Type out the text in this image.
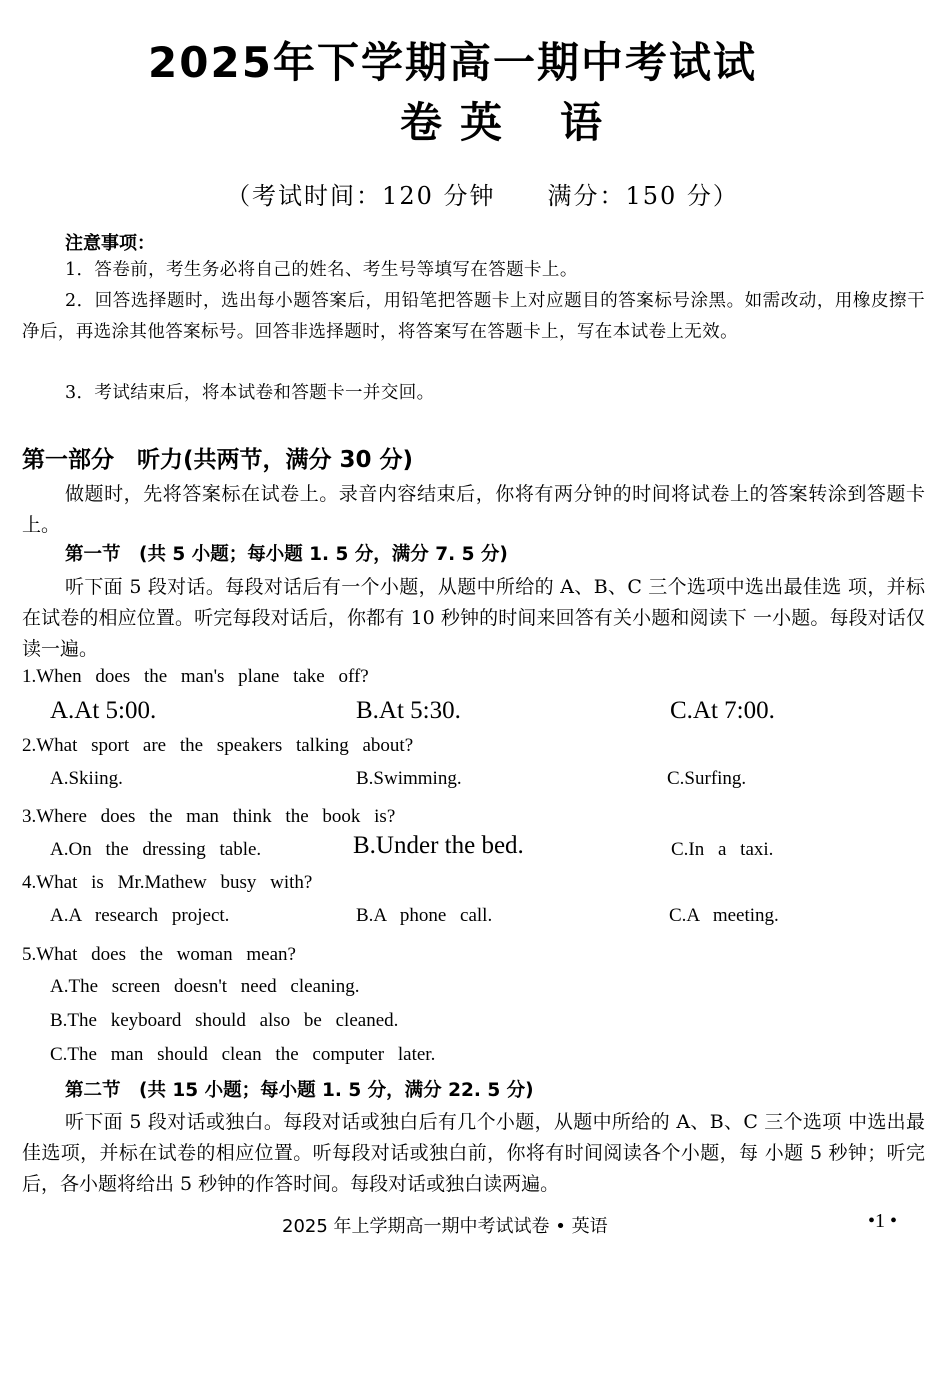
2025年下学期高一期中考试试
卷 英 语
（考试时间：120 分钟　　满分：150 分）
注意事项：
1．答卷前，考生务必将自己的姓名、考生号等填写在答题卡上。
2．回答选择题时，选出每小题答案后，用铅笔把答题卡上对应题目的答案标号涂黑。如需改动，用橡皮擦干净后，再选涂其他答案标号。回答非选择题时，将答案写在答题卡上，写在本试卷上无效。
3．考试结束后，将本试卷和答题卡一并交回。
第一部分　听力(共两节，满分 30 分)
做题时，先将答案标在试卷上。录音内容结束后，你将有两分钟的时间将试卷上的答案转涂到答题卡上。
第一节　(共 5 小题；每小题 1. 5 分，满分 7. 5 分)
听下面 5 段对话。每段对话后有一个小题，从题中所给的 A、B、C 三个选项中选出最佳选 项，并标在试卷的相应位置。听完每段对话后，你都有 10 秒钟的时间来回答有关小题和阅读下 一小题。每段对话仅读一遍。
1.When does the man's plane take off?
A.At 5:00.	B.At 5:30.	C.At 7:00.
2.What sport are the speakers talking about?
A.Skiing.	B.Swimming.	C.Surfing.
3.Where does the man think the book is?
A.On the dressing table.	B.Under the bed.	C.In a taxi.
4.What is Mr.Mathew busy with?
A.A research project.	B.A phone call.	C.A meeting.
5.What does the woman mean?
A.The screen doesn't need cleaning.
B.The keyboard should also be cleaned.
C.The man should clean the computer later.
第二节　(共 15 小题；每小题 1. 5 分，满分 22. 5 分)
听下面 5 段对话或独白。每段对话或独白后有几个小题，从题中所给的 A、B、C 三个选项 中选出最佳选项，并标在试卷的相应位置。听每段对话或独白前，你将有时间阅读各个小题，每 小题 5 秒钟；听完后，各小题将给出 5 秒钟的作答时间。每段对话或独白读两遍。
2025 年上学期高一期中考试试卷 • 英语	•1 •
